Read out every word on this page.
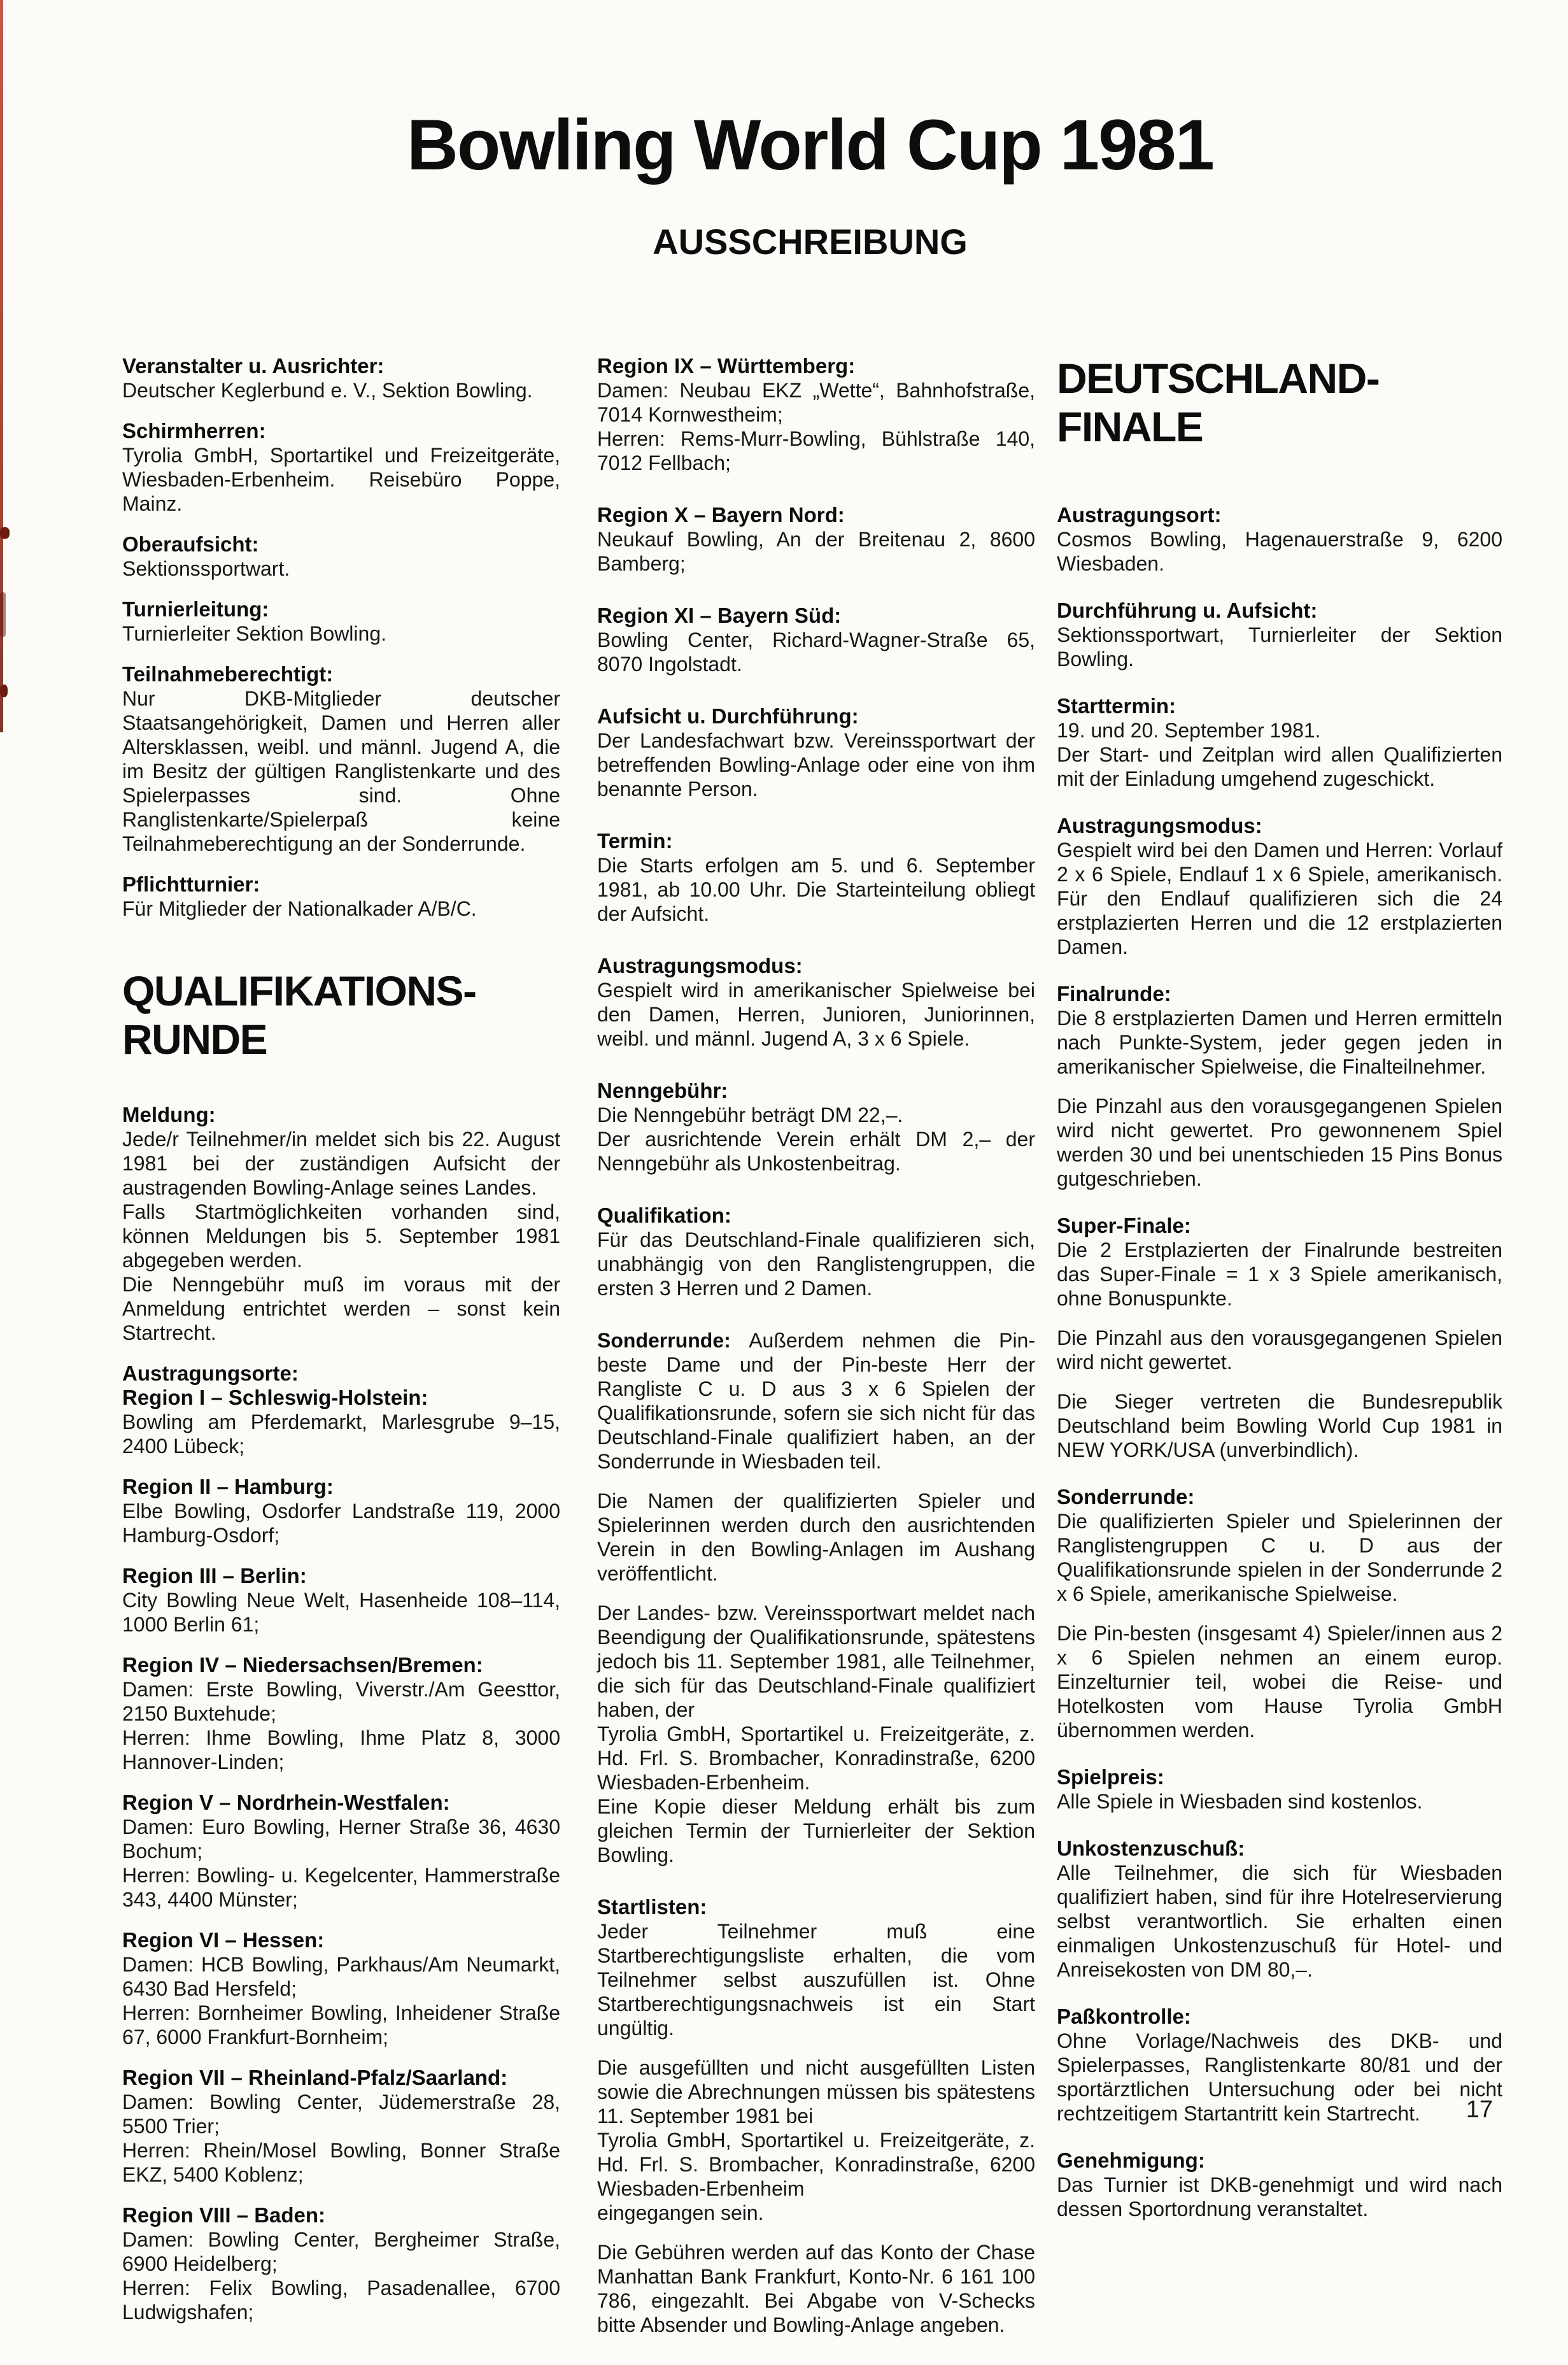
Bowling World Cup 1981
AUSSCHREIBUNG
Veranstalter u. Ausrichter:

Deutscher Keglerbund e. V., Sektion Bowling.

Schirmherren:

Tyrolia GmbH, Sportartikel und Freizeitgeräte, Wiesbaden-Erbenheim. Reisebüro Poppe, Mainz.

Oberaufsicht:

Sektionssportwart.

Turnierleitung:

Turnierleiter Sektion Bowling.

Teilnahmeberechtigt:

Nur DKB-Mitglieder deutscher Staatsangehörigkeit, Damen und Herren aller Altersklassen, weibl. und männl. Jugend A, die im Besitz der gültigen Ranglistenkarte und des Spielerpasses sind. Ohne Ranglistenkarte/Spielerpaß keine Teilnahmeberechtigung an der Sonderrunde.

Pflichtturnier:

Für Mitglieder der Nationalkader A/B/C.

QUALIFIKATIONS-
RUNDE
Meldung:

Jede/r Teilnehmer/in meldet sich bis 22. August 1981 bei der zuständigen Aufsicht der austragenden Bowling-Anlage seines Landes.

Falls Startmöglichkeiten vorhanden sind, können Meldungen bis 5. September 1981 abgegeben werden.

Die Nenngebühr muß im voraus mit der Anmeldung entrichtet werden – sonst kein Startrecht.

Austragungsorte:
Region I – Schleswig-Holstein:

Bowling am Pferdemarkt, Marlesgrube 9–15, 2400 Lübeck;

Region II – Hamburg:

Elbe Bowling, Osdorfer Landstraße 119, 2000 Hamburg-Osdorf;

Region III – Berlin:

City Bowling Neue Welt, Hasenheide 108–114, 1000 Berlin 61;

Region IV – Niedersachsen/Bremen:

Damen: Erste Bowling, Viverstr./Am Geesttor, 2150 Buxtehude;

Herren: Ihme Bowling, Ihme Platz 8, 3000 Hannover-Linden;

Region V – Nordrhein-Westfalen:

Damen: Euro Bowling, Herner Straße 36, 4630 Bochum;

Herren: Bowling- u. Kegelcenter, Hammerstraße 343, 4400 Münster;

Region VI – Hessen:

Damen: HCB Bowling, Parkhaus/Am Neumarkt, 6430 Bad Hersfeld;

Herren: Bornheimer Bowling, Inheidener Straße 67, 6000 Frankfurt-Bornheim;

Region VII – Rheinland-Pfalz/Saarland:

Damen: Bowling Center, Jüdemerstraße 28, 5500 Trier;

Herren: Rhein/Mosel Bowling, Bonner Straße EKZ, 5400 Koblenz;

Region VIII – Baden:

Damen: Bowling Center, Bergheimer Straße, 6900 Heidelberg;

Herren: Felix Bowling, Pasadenallee, 6700 Ludwigshafen;

Region IX – Württemberg:

Damen: Neubau EKZ „Wette“, Bahnhofstraße, 7014 Kornwestheim;

Herren: Rems-Murr-Bowling, Bühlstraße 140, 7012 Fellbach;

Region X – Bayern Nord:

Neukauf Bowling, An der Breitenau 2, 8600 Bamberg;

Region XI – Bayern Süd:

Bowling Center, Richard-Wagner-Straße 65, 8070 Ingolstadt.

Aufsicht u. Durchführung:

Der Landesfachwart bzw. Vereinssportwart der betreffenden Bowling-Anlage oder eine von ihm benannte Person.

Termin:

Die Starts erfolgen am 5. und 6. September 1981, ab 10.00 Uhr. Die Starteinteilung obliegt der Aufsicht.

Austragungsmodus:

Gespielt wird in amerikanischer Spielweise bei den Damen, Herren, Junioren, Juniorinnen, weibl. und männl. Jugend A, 3 x 6 Spiele.

Nenngebühr:

Die Nenngebühr beträgt DM 22,–.

Der ausrichtende Verein erhält DM 2,– der Nenngebühr als Unkostenbeitrag.

Qualifikation:

Für das Deutschland-Finale qualifizieren sich, unabhängig von den Ranglistengruppen, die ersten 3 Herren und 2 Damen.

Sonderrunde: Außerdem nehmen die Pin-beste Dame und der Pin-beste Herr der Rangliste C u. D aus 3 x 6 Spielen der Qualifikationsrunde, sofern sie sich nicht für das Deutschland-Finale qualifiziert haben, an der Sonderrunde in Wiesbaden teil.

Die Namen der qualifizierten Spieler und Spielerinnen werden durch den ausrichtenden Verein in den Bowling-Anlagen im Aushang veröffentlicht.

Der Landes- bzw. Vereinssportwart meldet nach Beendigung der Qualifikationsrunde, spätestens jedoch bis 11. September 1981, alle Teilnehmer, die sich für das Deutschland-Finale qualifiziert haben, der

Tyrolia GmbH, Sportartikel u. Freizeitgeräte, z. Hd. Frl. S. Brombacher, Konradinstraße, 6200 Wiesbaden-Erbenheim.

Eine Kopie dieser Meldung erhält bis zum gleichen Termin der Turnierleiter der Sektion Bowling.

Startlisten:

Jeder Teilnehmer muß eine Startberechtigungsliste erhalten, die vom Teilnehmer selbst auszufüllen ist. Ohne Startberechtigungsnachweis ist ein Start ungültig.

Die ausgefüllten und nicht ausgefüllten Listen sowie die Abrechnungen müssen bis spätestens 11. September 1981 bei

Tyrolia GmbH, Sportartikel u. Freizeitgeräte, z. Hd. Frl. S. Brombacher, Konradinstraße, 6200 Wiesbaden-Erbenheim

eingegangen sein.

Die Gebühren werden auf das Konto der Chase Manhattan Bank Frankfurt, Konto-Nr. 6 161 100 786, eingezahlt. Bei Abgabe von V-Schecks bitte Absender und Bowling-Anlage angeben.

DEUTSCHLAND-
FINALE
Austragungsort:

Cosmos Bowling, Hagenauerstraße 9, 6200 Wiesbaden.

Durchführung u. Aufsicht:

Sektionssportwart, Turnierleiter der Sektion Bowling.

Starttermin:

19. und 20. September 1981.

Der Start- und Zeitplan wird allen Qualifizierten mit der Einladung umgehend zugeschickt.

Austragungsmodus:

Gespielt wird bei den Damen und Herren: Vorlauf 2 x 6 Spiele, Endlauf 1 x 6 Spiele, amerikanisch. Für den Endlauf qualifizieren sich die 24 erstplazierten Herren und die 12 erstplazierten Damen.

Finalrunde:

Die 8 erstplazierten Damen und Herren ermitteln nach Punkte-System, jeder gegen jeden in amerikanischer Spielweise, die Finalteilnehmer.

Die Pinzahl aus den vorausgegangenen Spielen wird nicht gewertet. Pro gewonnenem Spiel werden 30 und bei unentschieden 15 Pins Bonus gutgeschrieben.

Super-Finale:

Die 2 Erstplazierten der Finalrunde bestreiten das Super-Finale = 1 x 3 Spiele amerikanisch, ohne Bonuspunkte.

Die Pinzahl aus den vorausgegangenen Spielen wird nicht gewertet.

Die Sieger vertreten die Bundesrepublik Deutschland beim Bowling World Cup 1981 in NEW YORK/USA (unverbindlich).

Sonderrunde:

Die qualifizierten Spieler und Spielerinnen der Ranglistengruppen C u. D aus der Qualifikationsrunde spielen in der Sonderrunde 2 x 6 Spiele, amerikanische Spielweise.

Die Pin-besten (insgesamt 4) Spieler/innen aus 2 x 6 Spielen nehmen an einem europ. Einzelturnier teil, wobei die Reise- und Hotelkosten vom Hause Tyrolia GmbH übernommen werden.

Spielpreis:

Alle Spiele in Wiesbaden sind kostenlos.

Unkostenzuschuß:

Alle Teilnehmer, die sich für Wiesbaden qualifiziert haben, sind für ihre Hotelreservierung selbst verantwortlich. Sie erhalten einen einmaligen Unkostenzuschuß für Hotel- und Anreisekosten von DM 80,–.

Paßkontrolle:

Ohne Vorlage/Nachweis des DKB- und Spielerpasses, Ranglistenkarte 80/81 und der sportärztlichen Untersuchung oder bei nicht rechtzeitigem Startantritt kein Startrecht.

Genehmigung:

Das Turnier ist DKB-genehmigt und wird nach dessen Sportordnung veranstaltet.

17
